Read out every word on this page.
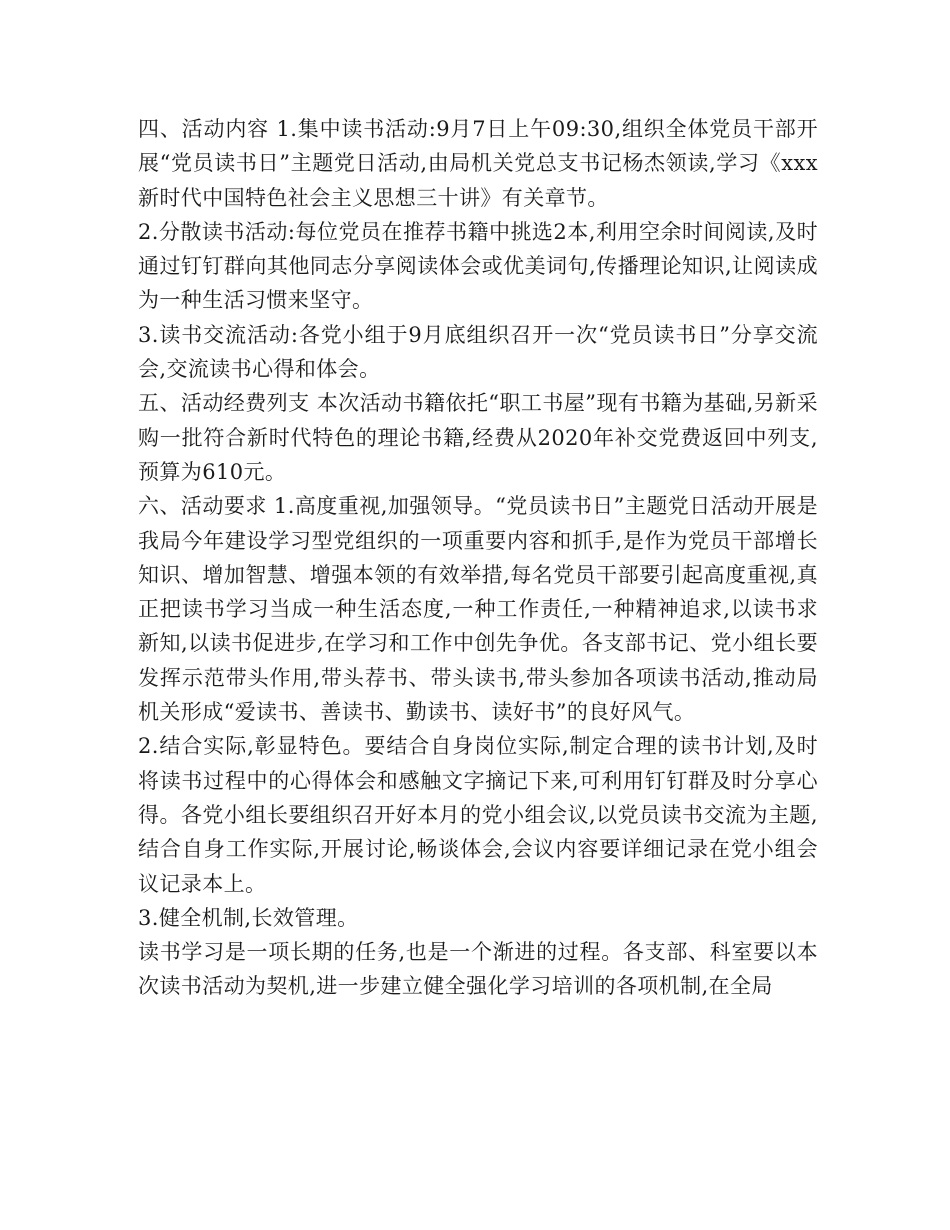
四、活动内容 1.集中读书活动:9月7日上午09:30,组织全体党员干部开展“党员读书日”主题党日活动,由局机关党总支书记杨杰领读,学习《xxx新时代中国特色社会主义思想三十讲》有关章节。

2.分散读书活动:每位党员在推荐书籍中挑选2本,利用空余时间阅读,及时通过钉钉群向其他同志分享阅读体会或优美词句,传播理论知识,让阅读成为一种生活习惯来坚守。

3.读书交流活动:各党小组于9月底组织召开一次“党员读书日”分享交流会,交流读书心得和体会。

五、活动经费列支 本次活动书籍依托“职工书屋”现有书籍为基础,另新采购一批符合新时代特色的理论书籍,经费从2020年补交党费返回中列支,预算为610元。

六、活动要求 1.高度重视,加强领导。“党员读书日”主题党日活动开展是我局今年建设学习型党组织的一项重要内容和抓手,是作为党员干部增长知识、增加智慧、增强本领的有效举措,每名党员干部要引起高度重视,真正把读书学习当成一种生活态度,一种工作责任,一种精神追求,以读书求新知,以读书促进步,在学习和工作中创先争优。各支部书记、党小组长要发挥示范带头作用,带头荐书、带头读书,带头参加各项读书活动,推动局机关形成“爱读书、善读书、勤读书、读好书”的良好风气。

2.结合实际,彰显特色。要结合自身岗位实际,制定合理的读书计划,及时将读书过程中的心得体会和感触文字摘记下来,可利用钉钉群及时分享心得。各党小组长要组织召开好本月的党小组会议,以党员读书交流为主题,结合自身工作实际,开展讨论,畅谈体会,会议内容要详细记录在党小组会议记录本上。

3.健全机制,长效管理。

读书学习是一项长期的任务,也是一个渐进的过程。各支部、科室要以本次读书活动为契机,进一步建立健全强化学习培训的各项机制,在全局
